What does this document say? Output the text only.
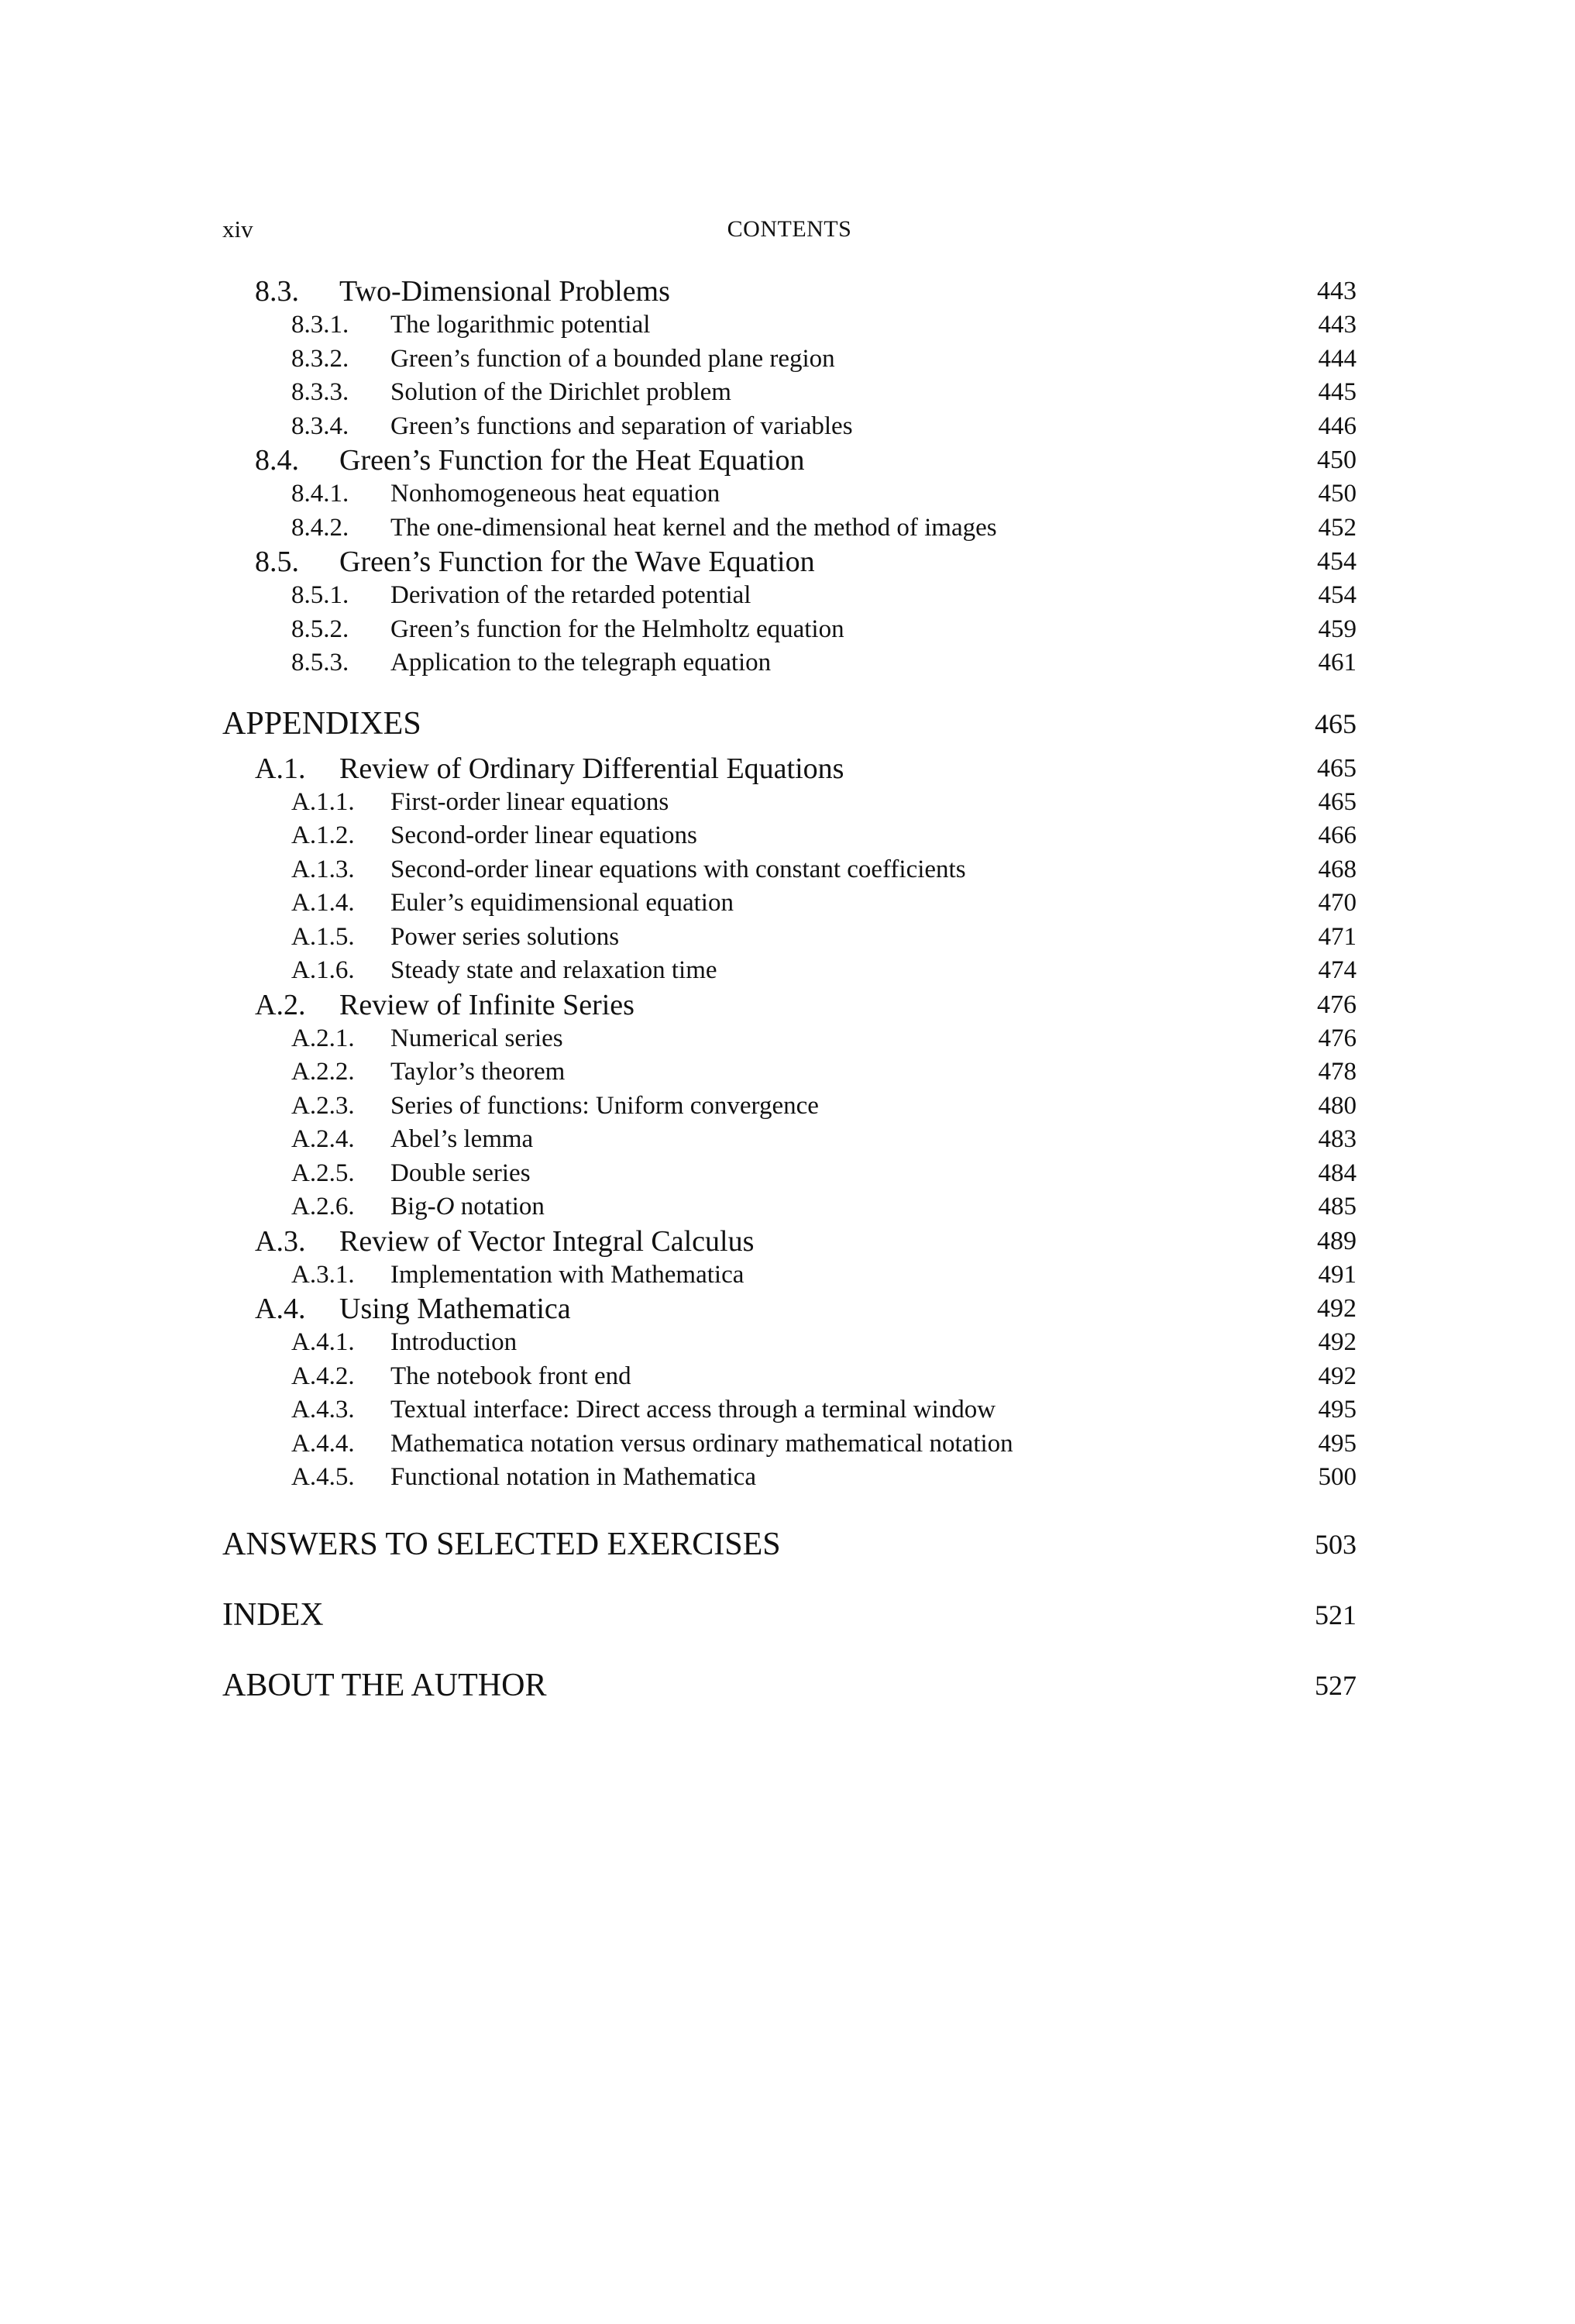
xiv	CONTENTS
8.3.	Two-Dimensional Problems	443
8.3.1.	The logarithmic potential	443
8.3.2.	Green’s function of a bounded plane region	444
8.3.3.	Solution of the Dirichlet problem	445
8.3.4.	Green’s functions and separation of variables	446
8.4.	Green’s Function for the Heat Equation	450
8.4.1.	Nonhomogeneous heat equation	450
8.4.2.	The one-dimensional heat kernel and the method of images	452
8.5.	Green’s Function for the Wave Equation	454
8.5.1.	Derivation of the retarded potential	454
8.5.2.	Green’s function for the Helmholtz equation	459
8.5.3.	Application to the telegraph equation	461
APPENDIXES	465
A.1.	Review of Ordinary Differential Equations	465
A.1.1.	First-order linear equations	465
A.1.2.	Second-order linear equations	466
A.1.3.	Second-order linear equations with constant coefficients	468
A.1.4.	Euler’s equidimensional equation	470
A.1.5.	Power series solutions	471
A.1.6.	Steady state and relaxation time	474
A.2.	Review of Infinite Series	476
A.2.1.	Numerical series	476
A.2.2.	Taylor’s theorem	478
A.2.3.	Series of functions: Uniform convergence	480
A.2.4.	Abel’s lemma	483
A.2.5.	Double series	484
A.2.6.	Big-O notation	485
A.3.	Review of Vector Integral Calculus	489
A.3.1.	Implementation with Mathematica	491
A.4.	Using Mathematica	492
A.4.1.	Introduction	492
A.4.2.	The notebook front end	492
A.4.3.	Textual interface: Direct access through a terminal window	495
A.4.4.	Mathematica notation versus ordinary mathematical notation	495
A.4.5.	Functional notation in Mathematica	500
ANSWERS TO SELECTED EXERCISES	503
INDEX	521
ABOUT THE AUTHOR	527
